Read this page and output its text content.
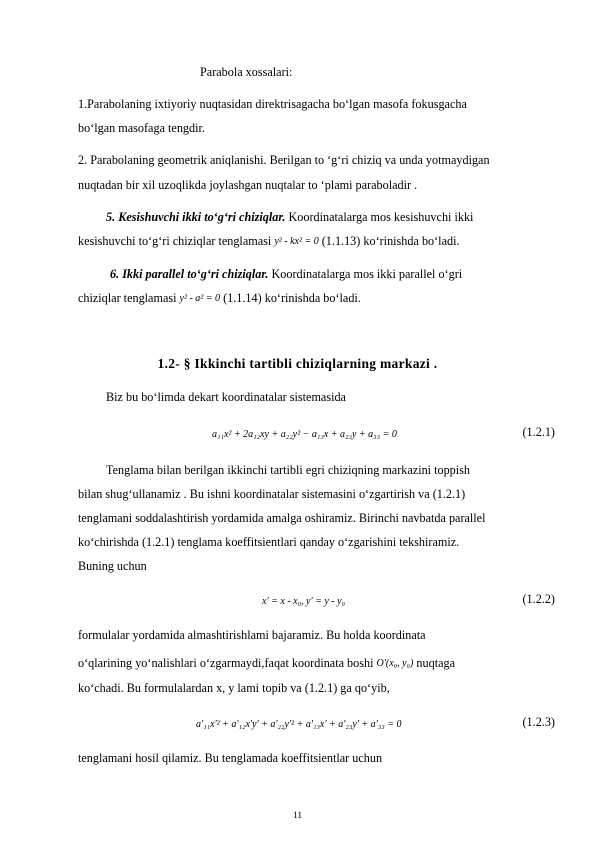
Parabola xossalari:
1.Parabolaning ixtiyoriy nuqtasidan direktrisagacha bo‘lgan masofa fokusgacha
bo‘lgan masofaga tengdir.
2. Parabolaning geometrik aniqlanishi. Berilgan to ‘g‘ri chiziq va unda yotmaydigan
nuqtadan bir xil uzoqlikda joylashgan nuqtalar to ‘plami paraboladir .
5. Kesishuvchi ikki to‘g‘ri chiziqlar. Koordinatalarga mos kesishuvchi ikki
kesishuvchi to‘g‘ri chiziqlar tenglamasi y² - kx² = 0 (1.1.13) ko‘rinishda bo‘ladi.
6. Ikki parallel to‘g‘ri chiziqlar. Koordinatalarga mos ikki parallel o‘gri
chiziqlar tenglamasi y² - a² = 0 (1.1.14) ko‘rinishda bo‘ladi.
1.2- § Ikkinchi tartibli chiziqlarning markazi .
Biz bu bo‘limda dekart koordinatalar sistemasida
a₁₁x² + 2a₁₂xy + a₂₂y² − a₁₃x + a₂₃y + a₃₃ = 0	(1.2.1)
Tenglama bilan berilgan ikkinchi tartibli egri chiziqning markazini toppish
bilan shug‘ullanamiz . Bu ishni koordinatalar sistemasini o‘zgartirish va (1.2.1)
tenglamani soddalashtirish yordamida amalga oshiramiz. Birinchi navbatda parallel
ko‘chirishda (1.2.1) tenglama koeffitsientlari qanday o‘zgarishini tekshiramiz.
Buning uchun
x' = x - x₀, y' = y - y₀	(1.2.2)
formulalar yordamida almashtirishlami bajaramiz. Bu holda koordinata
o‘qlarining yo‘nalishlari o‘zgarmaydi,faqat koordinata boshi O'(x₀, y₀) nuqtaga
ko‘chadi. Bu formulalardan x, y lami topib va (1.2.1) ga qo‘yib,
a'₁₁x'² + a'₁₂x'y' + a'₂₂y'² + a'₁₃x' + a'₂₃y' + a'₃₃ = 0	(1.2.3)
tenglamani hosil qilamiz. Bu tenglamada koeffitsientlar uchun
11
